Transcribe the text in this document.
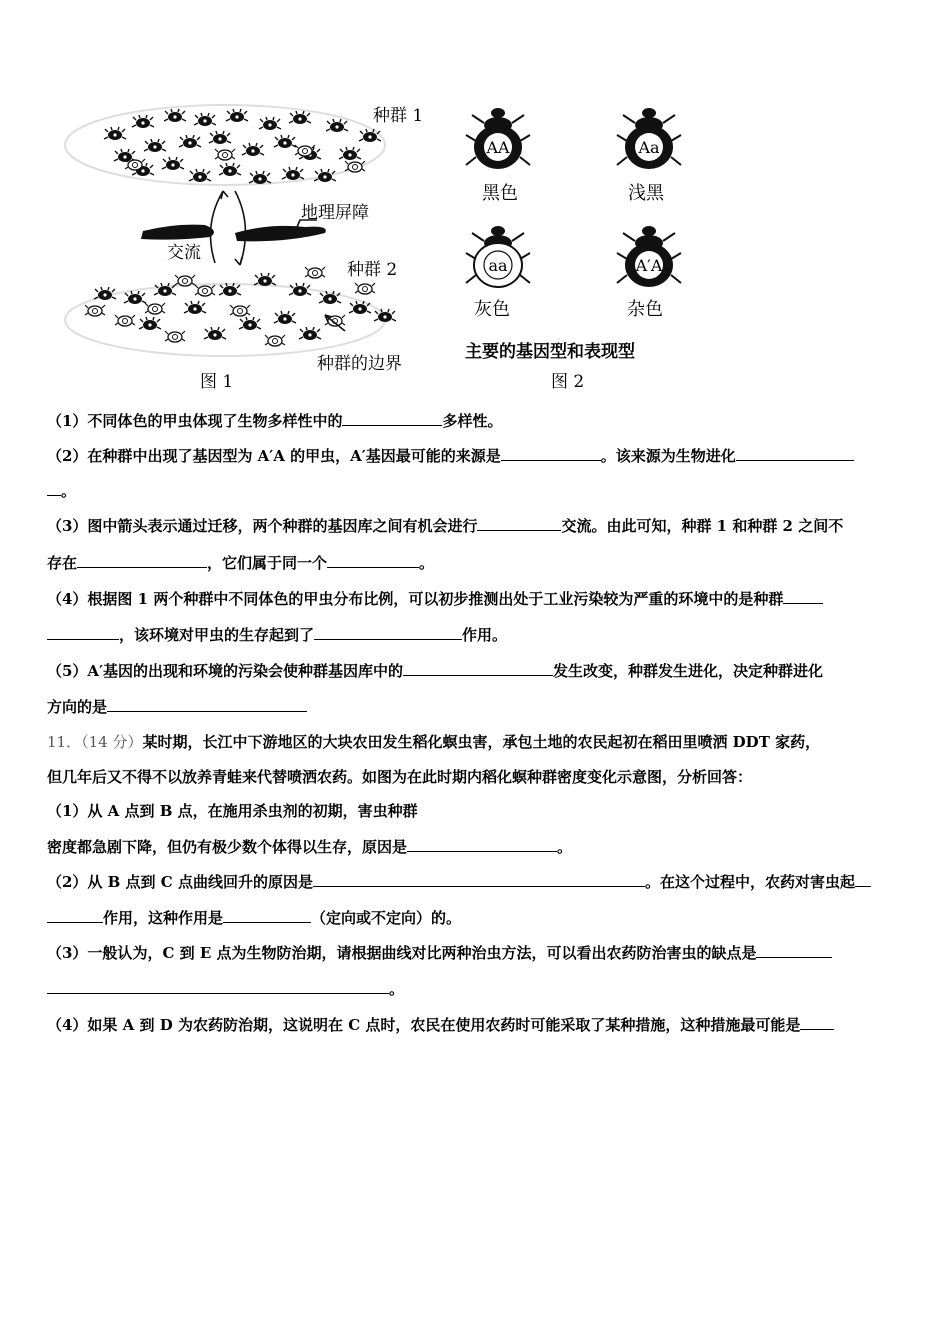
种群 1
地理屏障
交流
种群 2
种群的边界
图 1
AA
黑色
Aa
浅黑
aa
灰色
A′A
杂色
主要的基因型和表现型
图 2
（1）不同体色的甲虫体现了生物多样性中的	多样性。
（2）在种群中出现了基因型为 A′A 的甲虫，A′基因最可能的来源是	。该来源为生物进化
。
（3）图中箭头表示通过迁移，两个种群的基因库之间有机会进行	交流。由此可知，种群 1 和种群 2 之间不
存在	，它们属于同一个	。
（4）根据图 1 两个种群中不同体色的甲虫分布比例，可以初步推测出处于工业污染较为严重的环境中的是种群
，该环境对甲虫的生存起到了	作用。
（5）A′基因的出现和环境的污染会使种群基因库中的	发生改变，种群发生进化，决定种群进化
方向的是
11．（14 分）某时期，长江中下游地区的大块农田发生稻化螟虫害，承包土地的农民起初在稻田里喷洒 DDT 家药，
但几年后又不得不以放养青蛙来代替喷洒农药。如图为在此时期内稻化螟种群密度变化示意图，分析回答：
（1）从 A 点到 B 点，在施用杀虫剂的初期，害虫种群
密度都急剧下降，但仍有极少数个体得以生存，原因是	。
（2）从 B 点到 C 点曲线回升的原因是	。在这个过程中，农药对害虫起
作用，这种作用是	（定向或不定向）的。
（3）一般认为，C 到 E 点为生物防治期，请根据曲线对比两种治虫方法，可以看出农药防治害虫的缺点是
。
（4）如果 A 到 D 为农药防治期，这说明在 C 点时，农民在使用农药时可能采取了某种措施，这种措施最可能是
